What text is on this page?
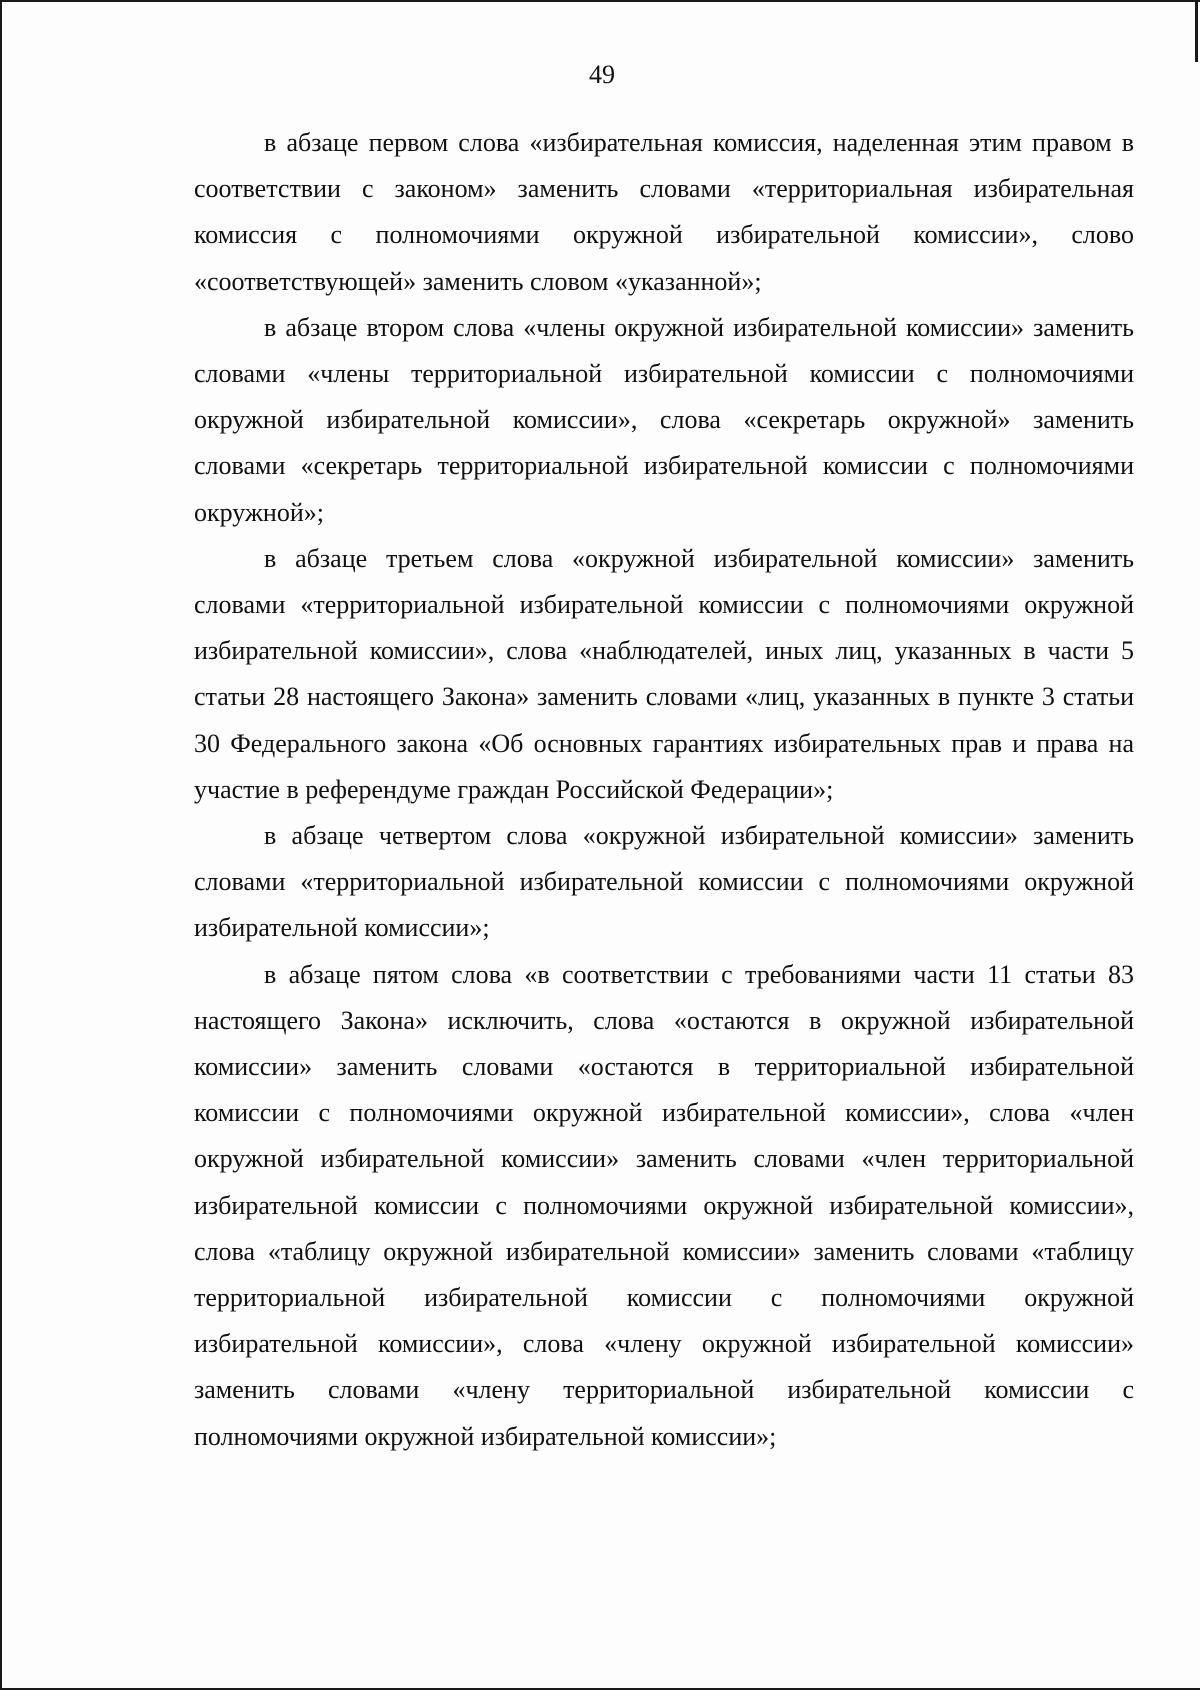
49

в абзаце первом слова «избирательная комиссия, наделенная этим правом в соответствии с законом» заменить словами «территориальная избирательная комиссия с полномочиями окружной избирательной комиссии», слово «соответствующей» заменить словом «указанной»;

в абзаце втором слова «члены окружной избирательной комиссии» заменить словами «члены территориальной избирательной комиссии с полномочиями окружной избирательной комиссии», слова «секретарь окружной» заменить словами «секретарь территориальной избирательной комиссии с полномочиями окружной»;

в абзаце третьем слова «окружной избирательной комиссии» заменить словами «территориальной избирательной комиссии с полномочиями окружной избирательной комиссии», слова «наблюдателей, иных лиц, указанных в части 5 статьи 28 настоящего Закона» заменить словами «лиц, указанных в пункте 3 статьи 30 Федерального закона «Об основных гарантиях избирательных прав и права на участие в референдуме граждан Российской Федерации»;

в абзаце четвертом слова «окружной избирательной комиссии» заменить словами «территориальной избирательной комиссии с полномочиями окружной избирательной комиссии»;

в абзаце пятом слова «в соответствии с требованиями части 11 статьи 83 настоящего Закона» исключить, слова «остаются в окружной избирательной комиссии» заменить словами «остаются в территориальной избирательной комиссии с полномочиями окружной избирательной комиссии», слова «член окружной избирательной комиссии» заменить словами «член территориальной избирательной комиссии с полномочиями окружной избирательной комиссии», слова «таблицу окружной избирательной комиссии» заменить словами «таблицу территориальной избирательной комиссии с полномочиями окружной избирательной комиссии», слова «члену окружной избирательной комиссии» заменить словами «члену территориальной избирательной комиссии с полномочиями окружной избирательной комиссии»;
